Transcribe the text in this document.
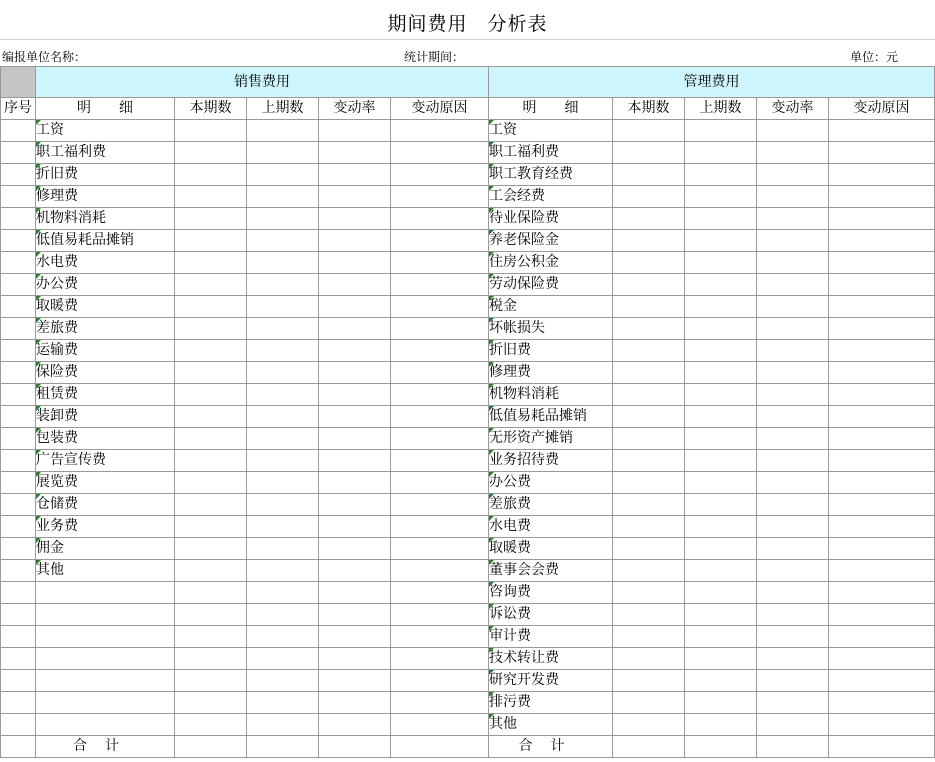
期间费用　分析表
编报单位名称：	统计期间：	单位：元
	销售费用					管理费用				
序号	明　　细	本期数	上期数	变动率	变动原因	明　　细	本期数	上期数	变动率	变动原因
	工资					工资				
	职工福利费					职工福利费				
	折旧费					职工教育经费				
	修理费					工会经费				
	机物料消耗					待业保险费				
	低值易耗品摊销					养老保险金				
	水电费					住房公积金				
	办公费					劳动保险费				
	取暖费					税金				
	差旅费					坏帐损失				
	运输费					折旧费				
	保险费					修理费				
	租赁费					机物料消耗				
	装卸费					低值易耗品摊销				
	包装费					无形资产摊销				
	广告宣传费					业务招待费				
	展览费					办公费				
	仓储费					差旅费				
	业务费					水电费				
	佣金					取暖费				
	其他					董事会会费				
						咨询费				
						诉讼费				
						审计费				
						技术转让费				
						研究开发费				
						排污费				
						其他				
	合计					合计				
